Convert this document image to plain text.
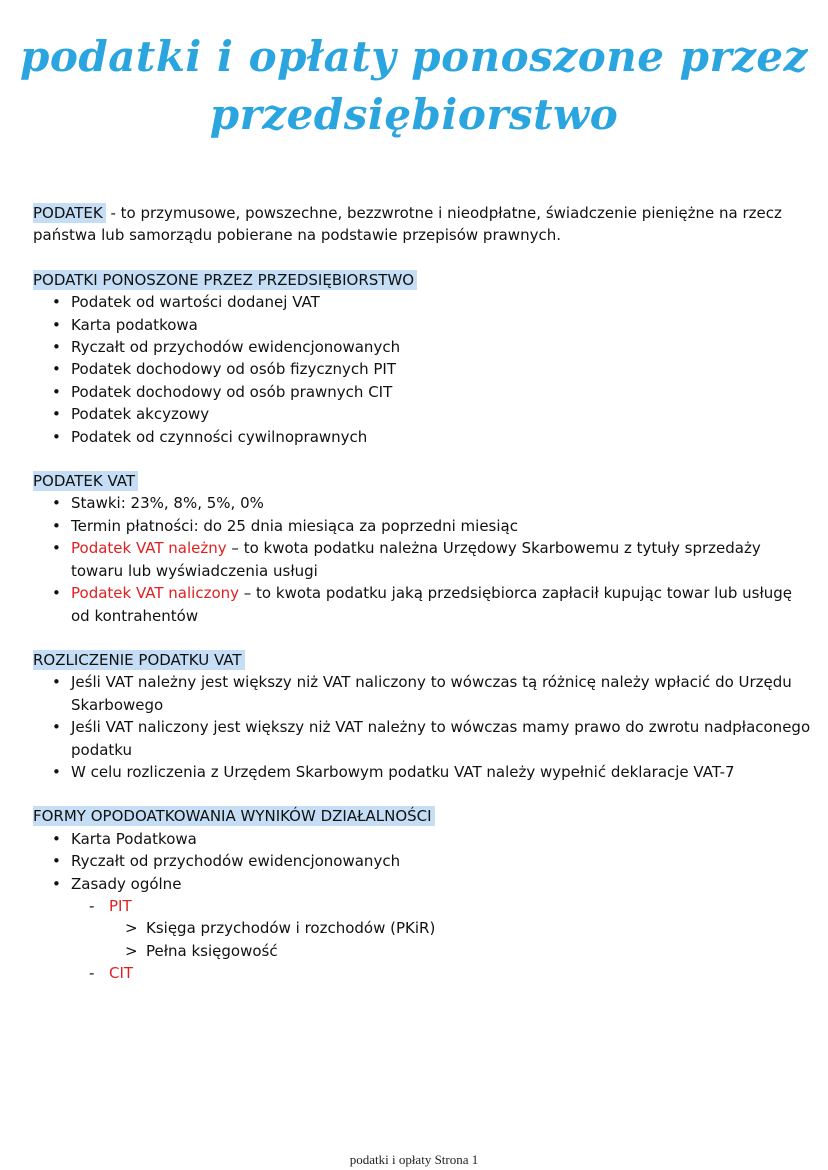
podatki i opłaty ponoszone przez
przedsiębiorstwo

PODATEK - to przymusowe, powszechne, bezzwrotne i nieodpłatne, świadczenie pieniężne na rzecz państwa lub samorządu pobierane na podstawie przepisów prawnych.

PODATKI PONOSZONE PRZEZ PRZEDSIĘBIORSTWO
• Podatek od wartości dodanej VAT
• Karta podatkowa
• Ryczałt od przychodów ewidencjonowanych
• Podatek dochodowy od osób fizycznych PIT
• Podatek dochodowy od osób prawnych CIT
• Podatek akcyzowy
• Podatek od czynności cywilnoprawnych
PODATEK VAT
• Stawki: 23%, 8%, 5%, 0%
• Termin płatności: do 25 dnia miesiąca za poprzedni miesiąc
• Podatek VAT należny – to kwota podatku należna Urzędowy Skarbowemu z tytuły sprzedaży towaru lub wyświadczenia usługi
• Podatek VAT naliczony – to kwota podatku jaką przedsiębiorca zapłacił kupując towar lub usługę od kontrahentów
ROZLICZENIE PODATKU VAT
• Jeśli VAT należny jest większy niż VAT naliczony to wówczas tą różnicę należy wpłacić do Urzędu Skarbowego
• Jeśli VAT naliczony jest większy niż VAT należny to wówczas mamy prawo do zwrotu nadpłaconego podatku
• W celu rozliczenia z Urzędem Skarbowym podatku VAT należy wypełnić deklaracje VAT-7
FORMY OPODOATKOWANIA WYNIKÓW DZIAŁALNOŚCI
• Karta Podatkowa
• Ryczałt od przychodów ewidencjonowanych
• Zasady ogólne
- PIT
> Księga przychodów i rozchodów (PKiR)
> Pełna księgowość
- CIT
podatki i opłaty Strona 1
